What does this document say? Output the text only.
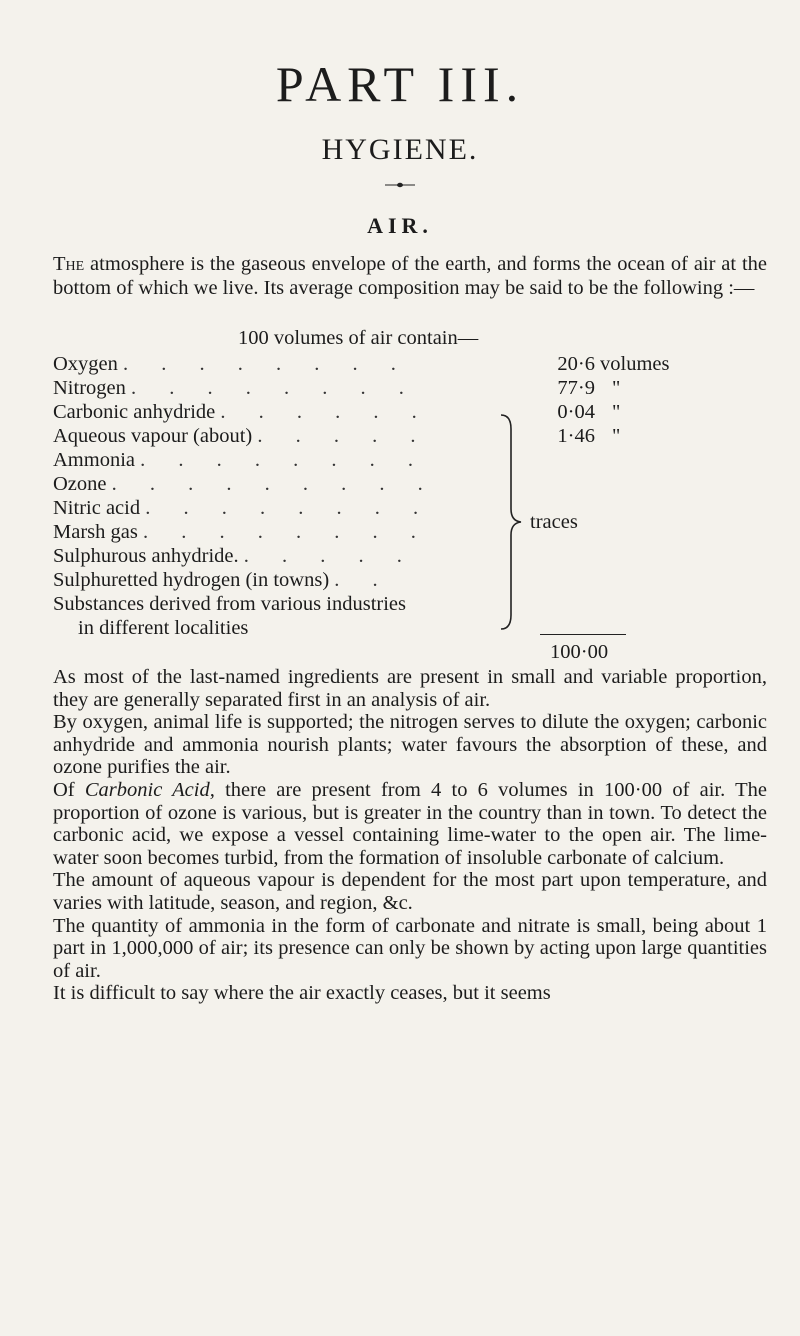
PART III.
HYGIENE.
AIR.
The atmosphere is the gaseous envelope of the earth, and forms the ocean of air at the bottom of which we live. Its average composition may be said to be the following :—
100 volumes of air contain—
Oxygen . . . . . . . .	20·6 volumes
Nitrogen . . . . . . . .	77·9 "
Carbonic anhydride . . . . . .	0·04 "
Aqueous vapour (about) . . . . .	1·46 "
Ammonia . . . . . . . .
Ozone . . . . . . . . .
Nitric acid . . . . . . . .
Marsh gas . . . . . . . .
Sulphurous anhydride. . . . . .
Sulphuretted hydrogen (in towns) . .
Substances derived from various industries
in different localities
traces
100·00

As most of the last-named ingredients are present in small and variable proportion, they are generally separated first in an analysis of air.

By oxygen, animal life is supported; the nitrogen serves to dilute the oxygen; carbonic anhydride and ammonia nourish plants; water favours the absorption of these, and ozone purifies the air.

Of Carbonic Acid, there are present from 4 to 6 volumes in 100·00 of air. The proportion of ozone is various, but is greater in the country than in town. To detect the carbonic acid, we expose a vessel containing lime-water to the open air. The lime-water soon becomes turbid, from the formation of insoluble carbonate of calcium.

The amount of aqueous vapour is dependent for the most part upon temperature, and varies with latitude, season, and region, &c.

The quantity of ammonia in the form of carbonate and nitrate is small, being about 1 part in 1,000,000 of air; its presence can only be shown by acting upon large quantities of air.

It is difficult to say where the air exactly ceases, but it seems
